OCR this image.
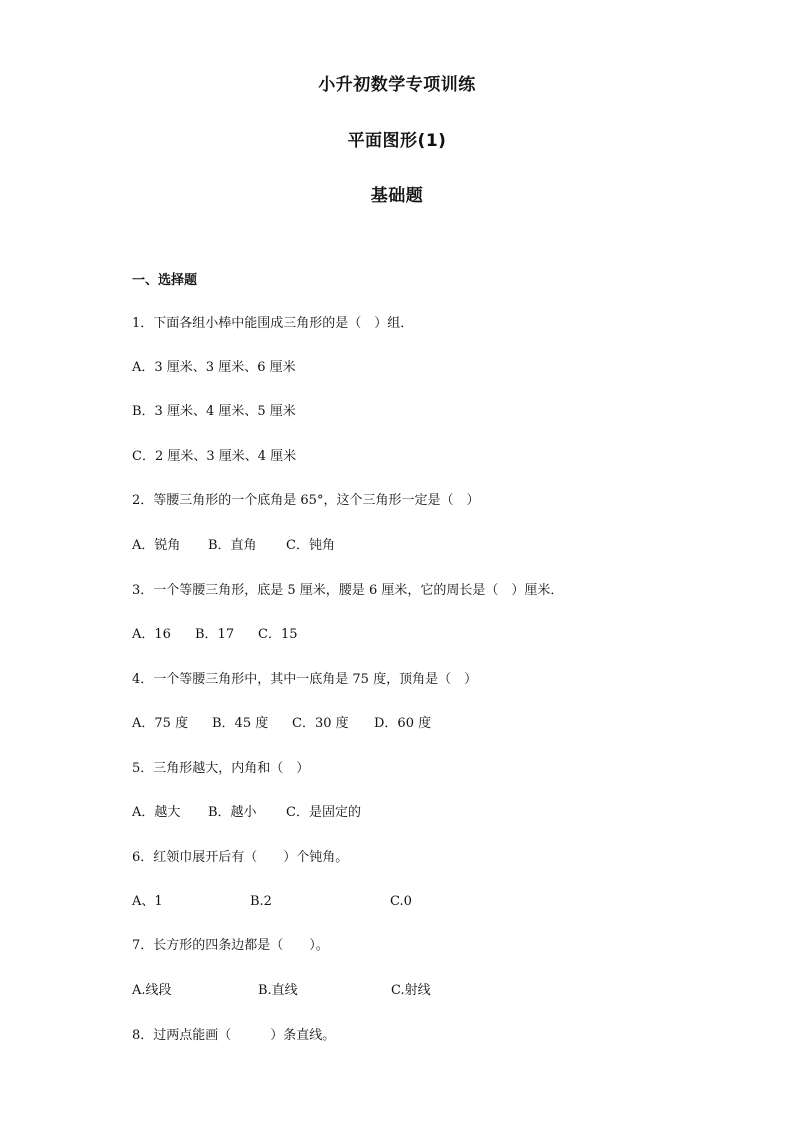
小升初数学专项训练
平面图形(1)
基础题
一、选择题
1．下面各组小棒中能围成三角形的是（　）组．
A．3 厘米、3 厘米、6 厘米
B．3 厘米、4 厘米、5 厘米
C．2 厘米、3 厘米、4 厘米
2．等腰三角形的一个底角是 65°，这个三角形一定是（　）
A．锐角 B．直角 C．钝角
3．一个等腰三角形，底是 5 厘米，腰是 6 厘米，它的周长是（　）厘米．
A．16 B．17 C．15
4．一个等腰三角形中，其中一底角是 75 度，顶角是（　）
A．75 度 B．45 度 C．30 度 D．60 度
5．三角形越大，内角和（　）
A．越大 B．越小 C．是固定的
6．红领巾展开后有（　　）个钝角。
A、1	B.2	C.0
7．长方形的四条边都是（　　）。
A.线段	B.直线	C.射线
8．过两点能画（　　　）条直线。
